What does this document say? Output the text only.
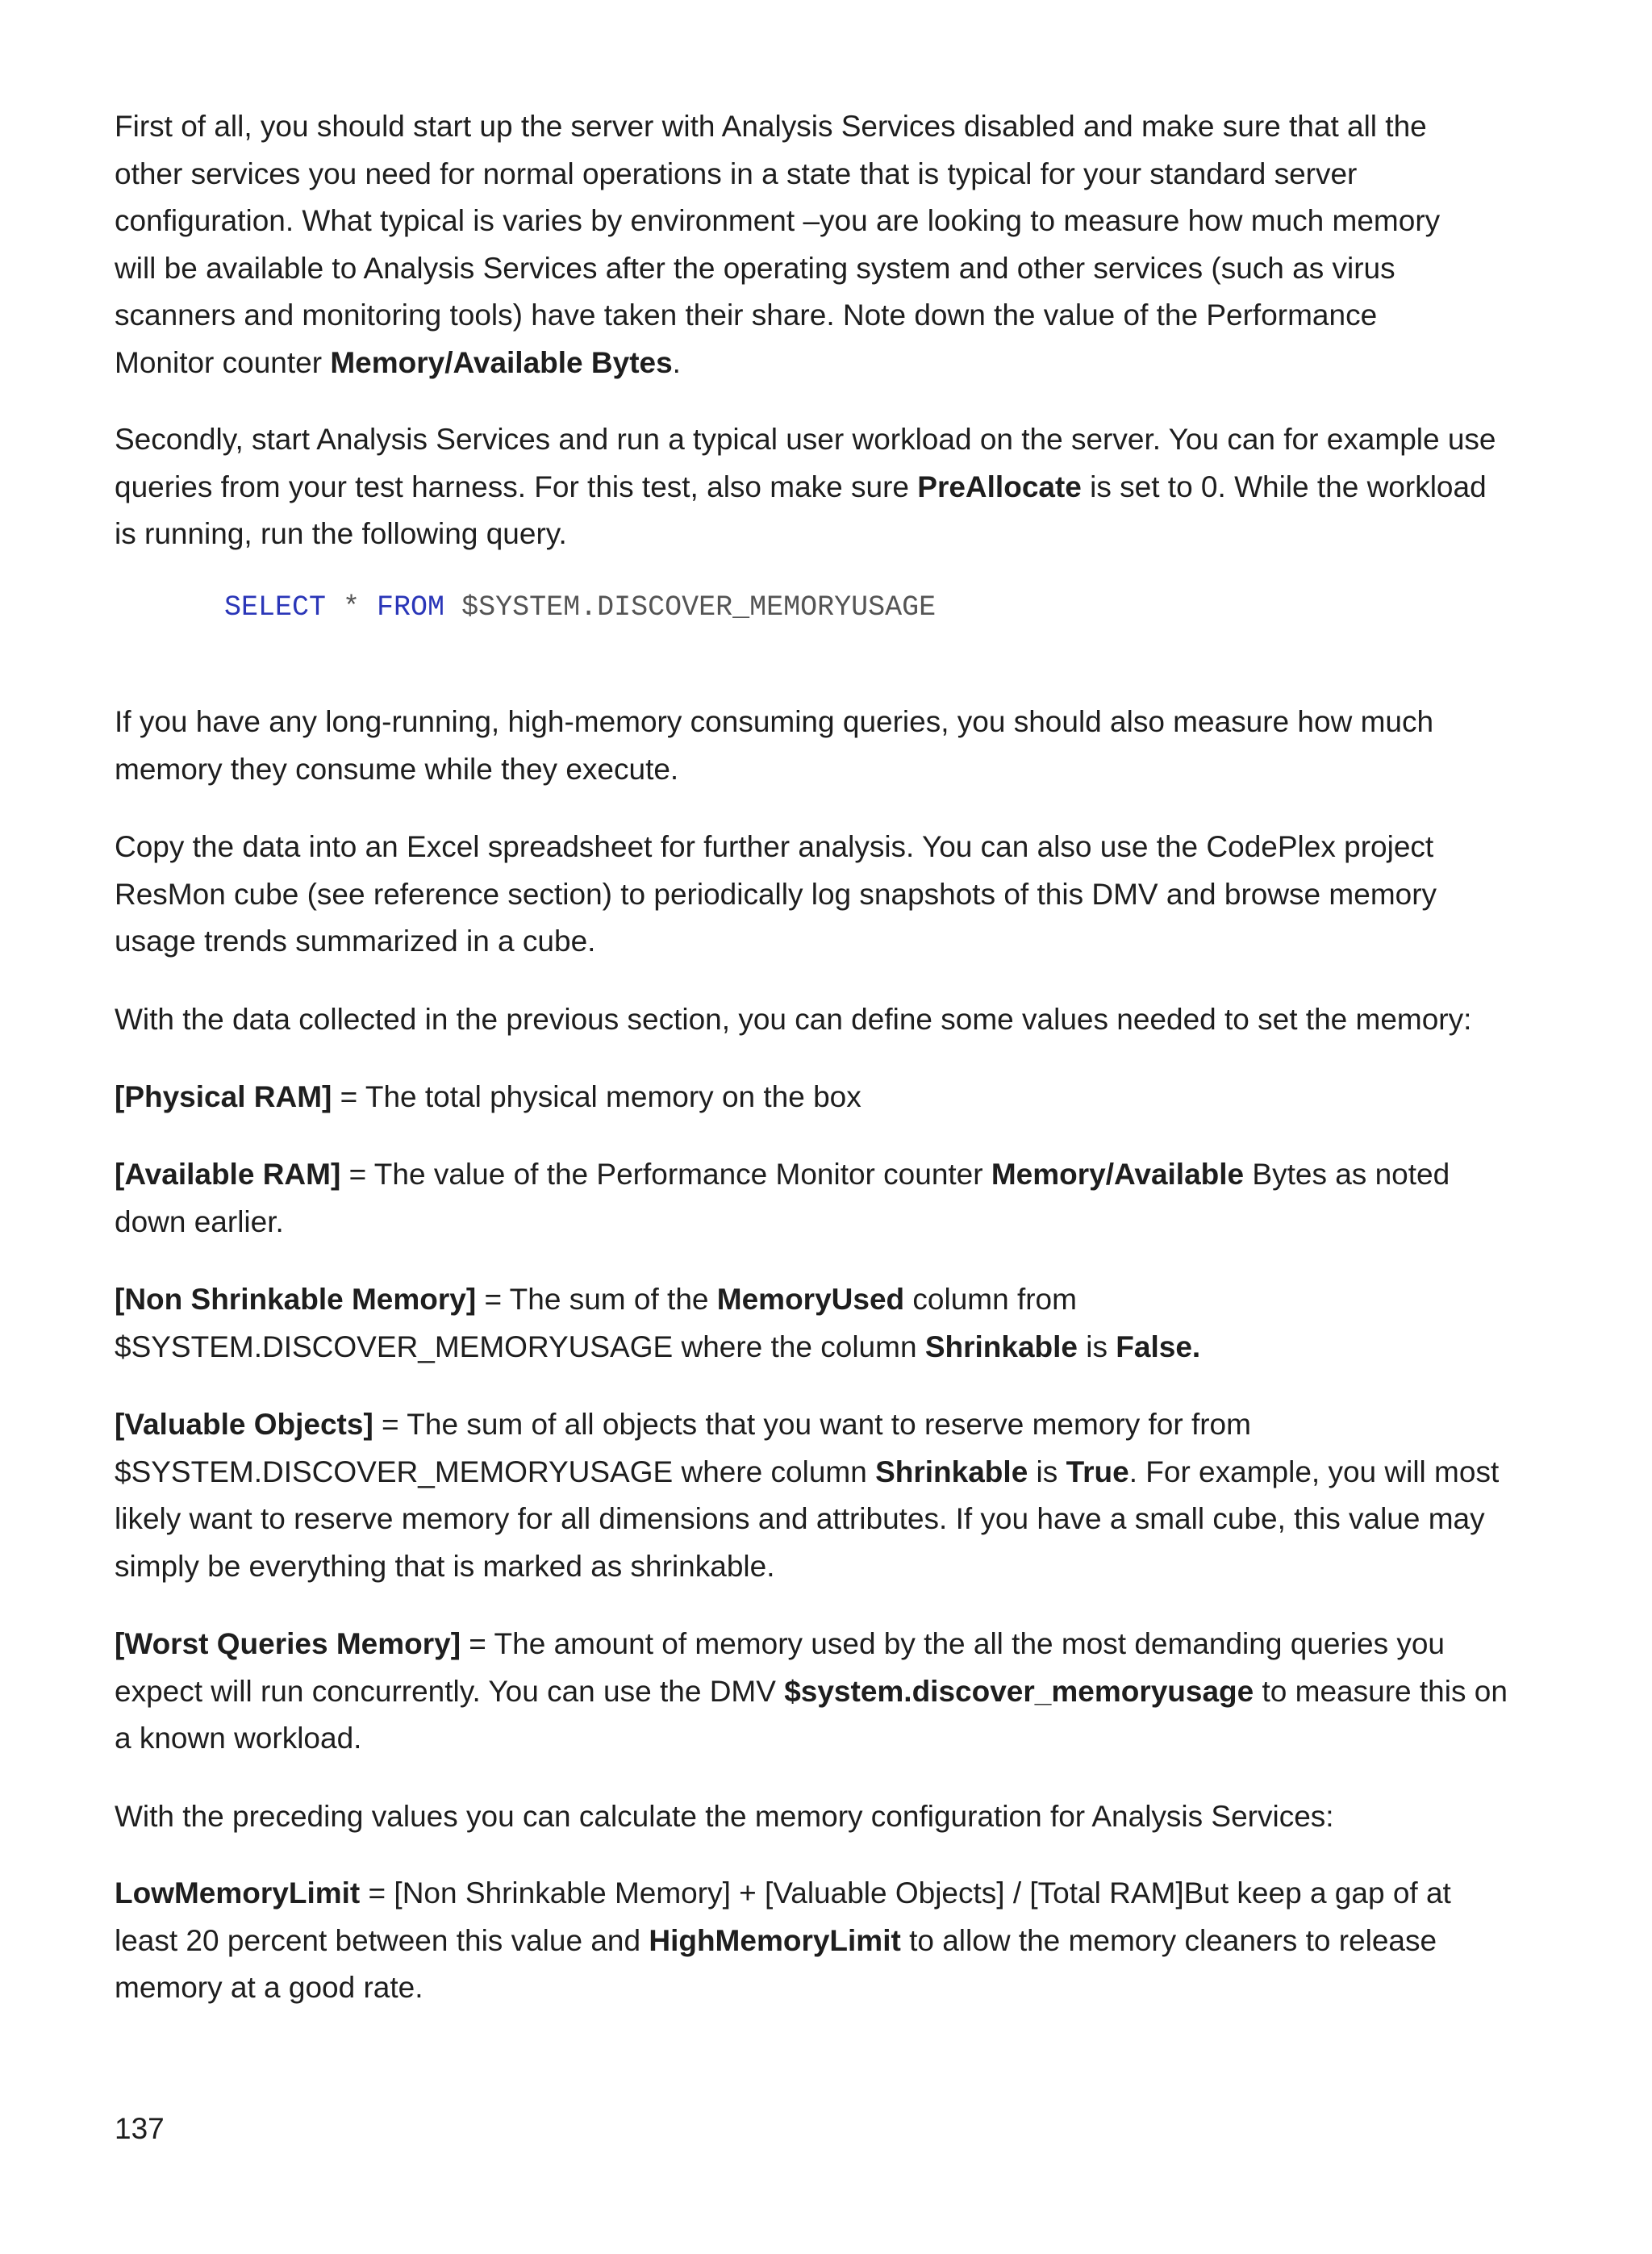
First of all, you should start up the server with Analysis Services disabled and make sure that all the
other services you need for normal operations in a state that is typical for your standard server
configuration. What typical is varies by environment –you are looking to measure how much memory
will be available to Analysis Services after the operating system and other services (such as virus
scanners and monitoring tools) have taken their share. Note down the value of the Performance
Monitor counter Memory/Available Bytes.

Secondly, start Analysis Services and run a typical user workload on the server. You can for example use
queries from your test harness. For this test, also make sure PreAllocate is set to 0. While the workload
is running, run the following query.

SELECT * FROM $SYSTEM.DISCOVER_MEMORYUSAGE

If you have any long-running, high-memory consuming queries, you should also measure how much
memory they consume while they execute.

Copy the data into an Excel spreadsheet for further analysis. You can also use the CodePlex project
ResMon cube (see reference section) to periodically log snapshots of this DMV and browse memory
usage trends summarized in a cube.

With the data collected in the previous section, you can define some values needed to set the memory:

[Physical RAM] = The total physical memory on the box

[Available RAM] = The value of the Performance Monitor counter Memory/Available Bytes as noted
down earlier.

[Non Shrinkable Memory] = The sum of the MemoryUsed column from
$SYSTEM.DISCOVER_MEMORYUSAGE where the column Shrinkable is False.

[Valuable Objects] = The sum of all objects that you want to reserve memory for from
$SYSTEM.DISCOVER_MEMORYUSAGE where column Shrinkable is True. For example, you will most
likely want to reserve memory for all dimensions and attributes. If you have a small cube, this value may
simply be everything that is marked as shrinkable.

[Worst Queries Memory] = The amount of memory used by the all the most demanding queries you
expect will run concurrently. You can use the DMV $system.discover_memoryusage to measure this on
a known workload.

With the preceding values you can calculate the memory configuration for Analysis Services:

LowMemoryLimit = [Non Shrinkable Memory] + [Valuable Objects] / [Total RAM]But keep a gap of at
least 20 percent between this value and HighMemoryLimit to allow the memory cleaners to release
memory at a good rate.

137
